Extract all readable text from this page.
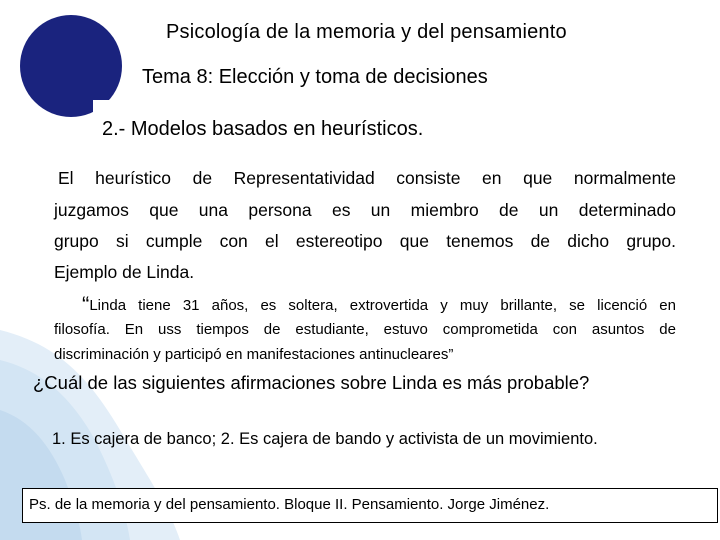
Psicología de la memoria y del pensamiento
Tema 8: Elección y toma de decisiones
2.- Modelos basados en heurísticos.
El heurístico de Representatividad consiste en que normalmente
juzgamos que una persona es un miembro de un determinado
grupo si cumple con el estereotipo que tenemos de dicho grupo.
Ejemplo de Linda.
“Linda tiene 31 años, es soltera, extrovertida y muy brillante, se licenció en
filosofía. En uss tiempos de estudiante, estuvo comprometida con asuntos de
discriminación y participó en manifestaciones antinucleares”
¿Cuál de las siguientes afirmaciones sobre Linda es más probable?
1. Es cajera de banco; 2. Es cajera de bando y activista de un movimiento.
Ps. de la memoria y del pensamiento. Bloque II. Pensamiento. Jorge Jiménez.
